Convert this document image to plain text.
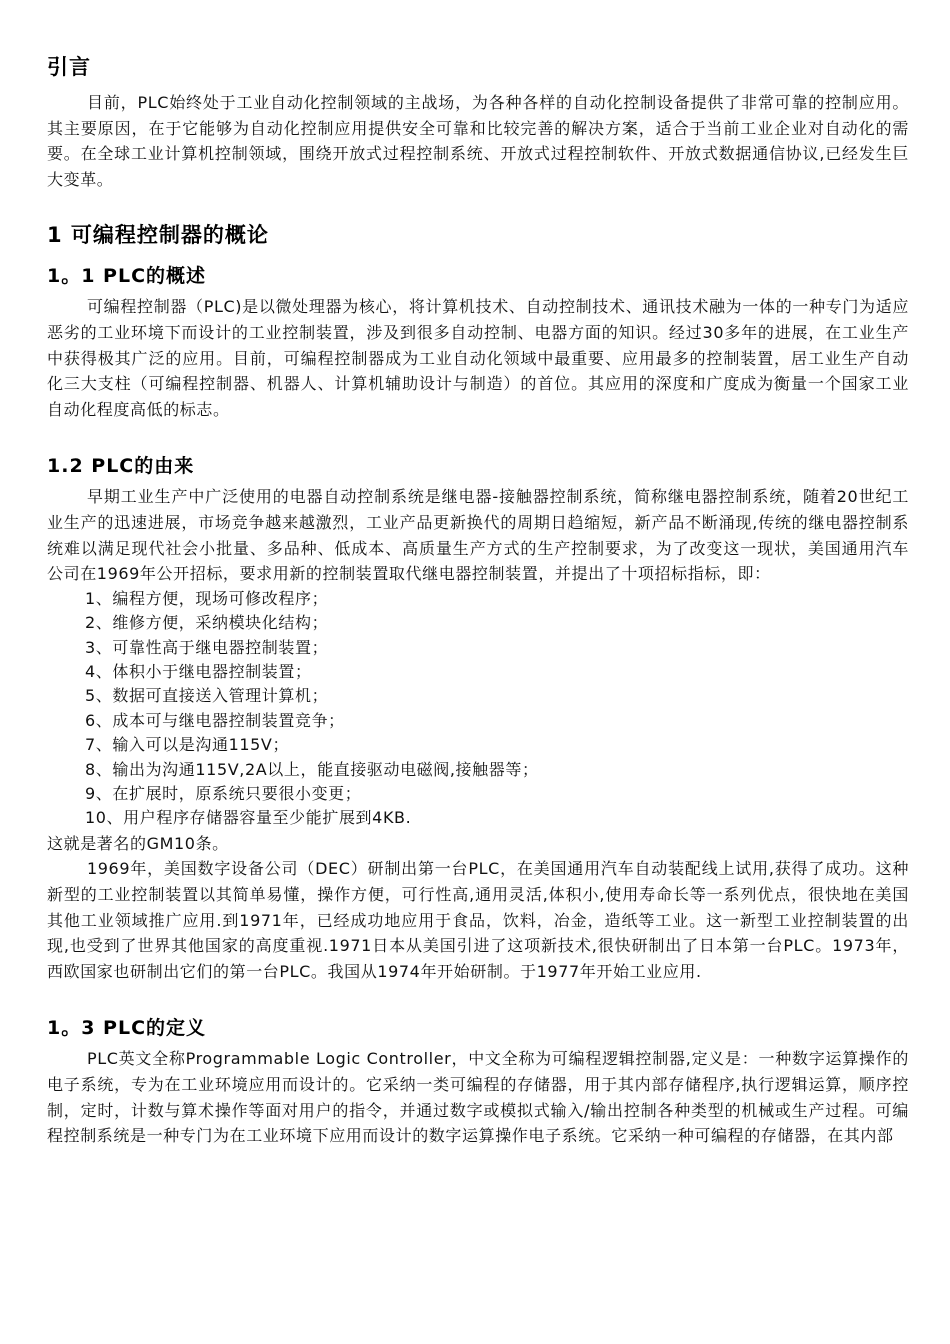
引言

目前，PLC始终处于工业自动化控制领域的主战场，为各种各样的自动化控制设备提供了非常可靠的控制应用。其主要原因，在于它能够为自动化控制应用提供安全可靠和比较完善的解决方案，适合于当前工业企业对自动化的需要。在全球工业计算机控制领域，围绕开放式过程控制系统、开放式过程控制软件、开放式数据通信协议,已经发生巨大变革。

1 可编程控制器的概论
1。1 PLC的概述

可编程控制器（PLC)是以微处理器为核心，将计算机技术、自动控制技术、通讯技术融为一体的一种专门为适应恶劣的工业环境下而设计的工业控制装置，涉及到很多自动控制、电器方面的知识。经过30多年的进展，在工业生产中获得极其广泛的应用。目前，可编程控制器成为工业自动化领域中最重要、应用最多的控制装置，居工业生产自动化三大支柱（可编程控制器、机器人、计算机辅助设计与制造）的首位。其应用的深度和广度成为衡量一个国家工业自动化程度高低的标志。

1.2 PLC的由来

早期工业生产中广泛使用的电器自动控制系统是继电器-接触器控制系统，简称继电器控制系统，随着20世纪工业生产的迅速进展，市场竞争越来越激烈，工业产品更新换代的周期日趋缩短，新产品不断涌现,传统的继电器控制系统难以满足现代社会小批量、多品种、低成本、高质量生产方式的生产控制要求，为了改变这一现状，美国通用汽车公司在1969年公开招标，要求用新的控制装置取代继电器控制装置，并提出了十项招标指标，即：

1、编程方便，现场可修改程序；
2、维修方便，采纳模块化结构；
3、可靠性高于继电器控制装置；
4、体积小于继电器控制装置；
5、数据可直接送入管理计算机；
6、成本可与继电器控制装置竞争；
7、输入可以是沟通115V；
8、输出为沟通115V,2A以上，能直接驱动电磁阀,接触器等；
9、在扩展时，原系统只要很小变更；
10、用户程序存储器容量至少能扩展到4KB.

这就是著名的GM10条。

1969年，美国数字设备公司（DEC）研制出第一台PLC，在美国通用汽车自动装配线上试用,获得了成功。这种新型的工业控制装置以其简单易懂，操作方便，可行性高,通用灵活,体积小,使用寿命长等一系列优点，很快地在美国其他工业领域推广应用.到1971年，已经成功地应用于食品，饮料，冶金，造纸等工业。这一新型工业控制装置的出现,也受到了世界其他国家的高度重视.1971日本从美国引进了这项新技术,很快研制出了日本第一台PLC。1973年，西欧国家也研制出它们的第一台PLC。我国从1974年开始研制。于1977年开始工业应用.

1。3 PLC的定义

PLC英文全称Programmable Logic Controller，中文全称为可编程逻辑控制器,定义是：一种数字运算操作的电子系统，专为在工业环境应用而设计的。它采纳一类可编程的存储器，用于其内部存储程序,执行逻辑运算，顺序控制，定时，计数与算术操作等面对用户的指令，并通过数字或模拟式输入/输出控制各种类型的机械或生产过程。可编程控制系统是一种专门为在工业环境下应用而设计的数字运算操作电子系统。它采纳一种可编程的存储器，在其内部
